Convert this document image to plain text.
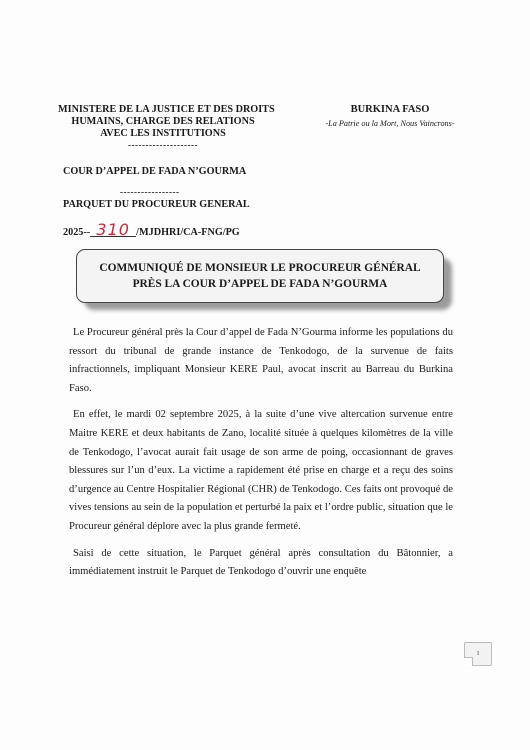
MINISTERE DE LA JUSTICE ET DES DROITS
HUMAINS, CHARGE DES RELATIONS
AVEC LES INSTITUTIONS
--------------------
BURKINA FASO
-La Patrie ou la Mort, Nous Vaincrons-
COUR D’APPEL DE FADA N’GOURMA
-----------------
PARQUET DU PROCUREUR GENERAL
2025-- 310 /MJDHRI/CA-FNG/PG
COMMUNIQUÉ DE MONSIEUR LE PROCUREUR GÉNÉRAL
PRÈS LA COUR D’APPEL DE FADA N’GOURMA

Le Procureur général près la Cour d’appel de Fada N’Gourma informe les populations du ressort du tribunal de grande instance de Tenkodogo, de la survenue de faits infractionnels, impliquant Monsieur KERE Paul, avocat inscrit au Barreau du Burkina Faso.

En effet, le mardi 02 septembre 2025, à la suite d’une vive altercation survenue entre Maitre KERE et deux habitants de Zano, localité située à quelques kilomètres de la ville de Tenkodogo, l’avocat aurait fait usage de son arme de poing, occasionnant de graves blessures sur l’un d’eux. La victime a rapidement été prise en charge et a reçu des soins d’urgence au Centre Hospitalier Régional (CHR) de Tenkodogo. Ces faits ont provoqué de vives tensions au sein de la population et perturbé la paix et l’ordre public, situation que le Procureur général déplore avec la plus grande fermeté.

Saisi de cette situation, le Parquet général après consultation du Bâtonnier, a immédiatement instruit le Parquet de Tenkodogo d’ouvrir une enquête

1
